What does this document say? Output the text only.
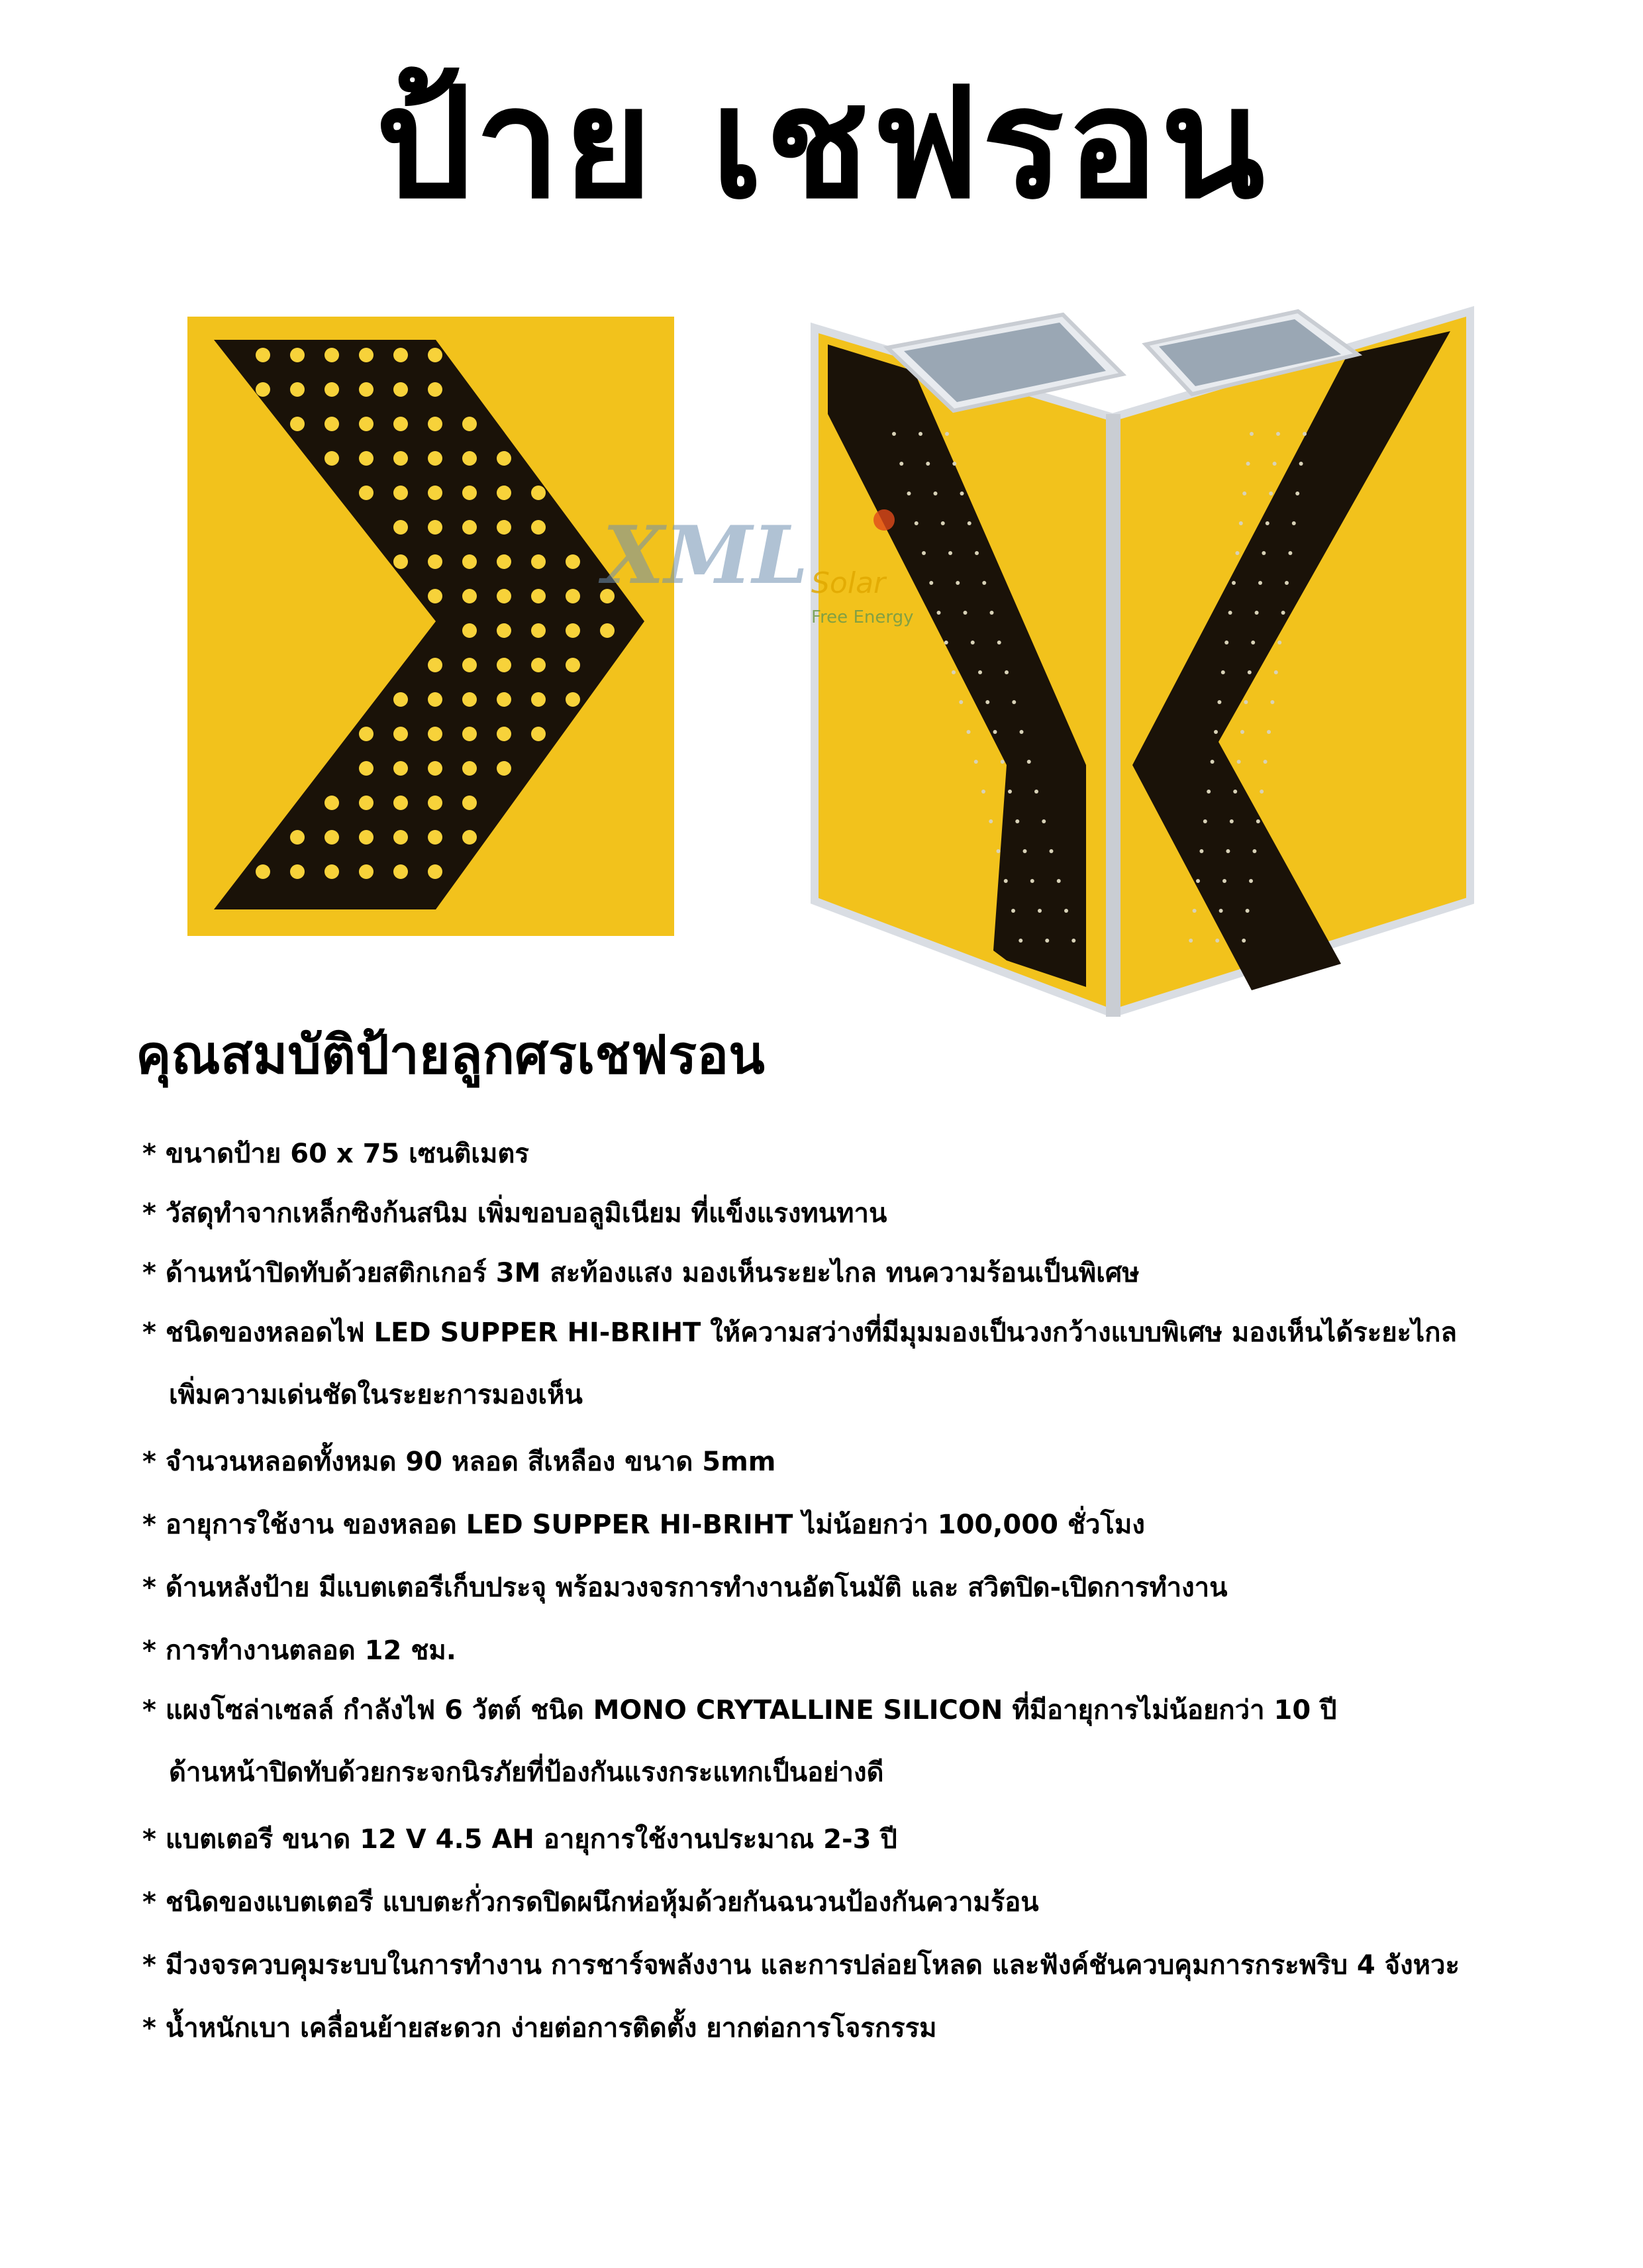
ป้าย เชฟรอน
XML Solar
Free Energy
คุณสมบัติป้ายลูกศรเชฟรอน
* ขนาดป้าย 60 x 75 เซนติเมตร
* วัสดุทำจากเหล็กซิงก้นสนิม เพิ่มขอบอลูมิเนียม ที่แข็งแรงทนทาน
* ด้านหน้าปิดทับด้วยสติกเกอร์ 3M สะท้องแสง มองเห็นระยะไกล ทนความร้อนเป็นพิเศษ
* ชนิดของหลอดไฟ LED SUPPER HI-BRIHT ให้ความสว่างที่มีมุมมองเป็นวงกว้างแบบพิเศษ มองเห็นได้ระยะไกล
เพิ่มความเด่นชัดในระยะการมองเห็น
* จำนวนหลอดทั้งหมด 90 หลอด สีเหลือง ขนาด 5mm
* อายุการใช้งาน ของหลอด LED SUPPER HI-BRIHT ไม่น้อยกว่า 100,000 ชั่วโมง
* ด้านหลังป้าย มีแบตเตอรีเก็บประจุ พร้อมวงจรการทำงานอัตโนมัติ และ สวิตปิด-เปิดการทำงาน
* การทำงานตลอด 12 ชม.
* แผงโซล่าเซลล์ กำลังไฟ 6 วัตต์ ชนิด MONO CRYTALLINE SILICON ที่มีอายุการไม่น้อยกว่า 10 ปี
ด้านหน้าปิดทับด้วยกระจกนิรภัยที่ป้องกันแรงกระแทกเป็นอย่างดี
* แบตเตอรี ขนาด 12 V 4.5 AH อายุการใช้งานประมาณ 2-3 ปี
* ชนิดของแบตเตอรี แบบตะกั่วกรดปิดผนึกห่อหุ้มด้วยกันฉนวนป้องกันความร้อน
* มีวงจรควบคุมระบบในการทำงาน การชาร์จพลังงาน และการปล่อยโหลด และฟังค์ชันควบคุมการกระพริบ 4 จังหวะ
* น้ำหนักเบา เคลื่อนย้ายสะดวก ง่ายต่อการติดตั้ง ยากต่อการโจรกรรม
